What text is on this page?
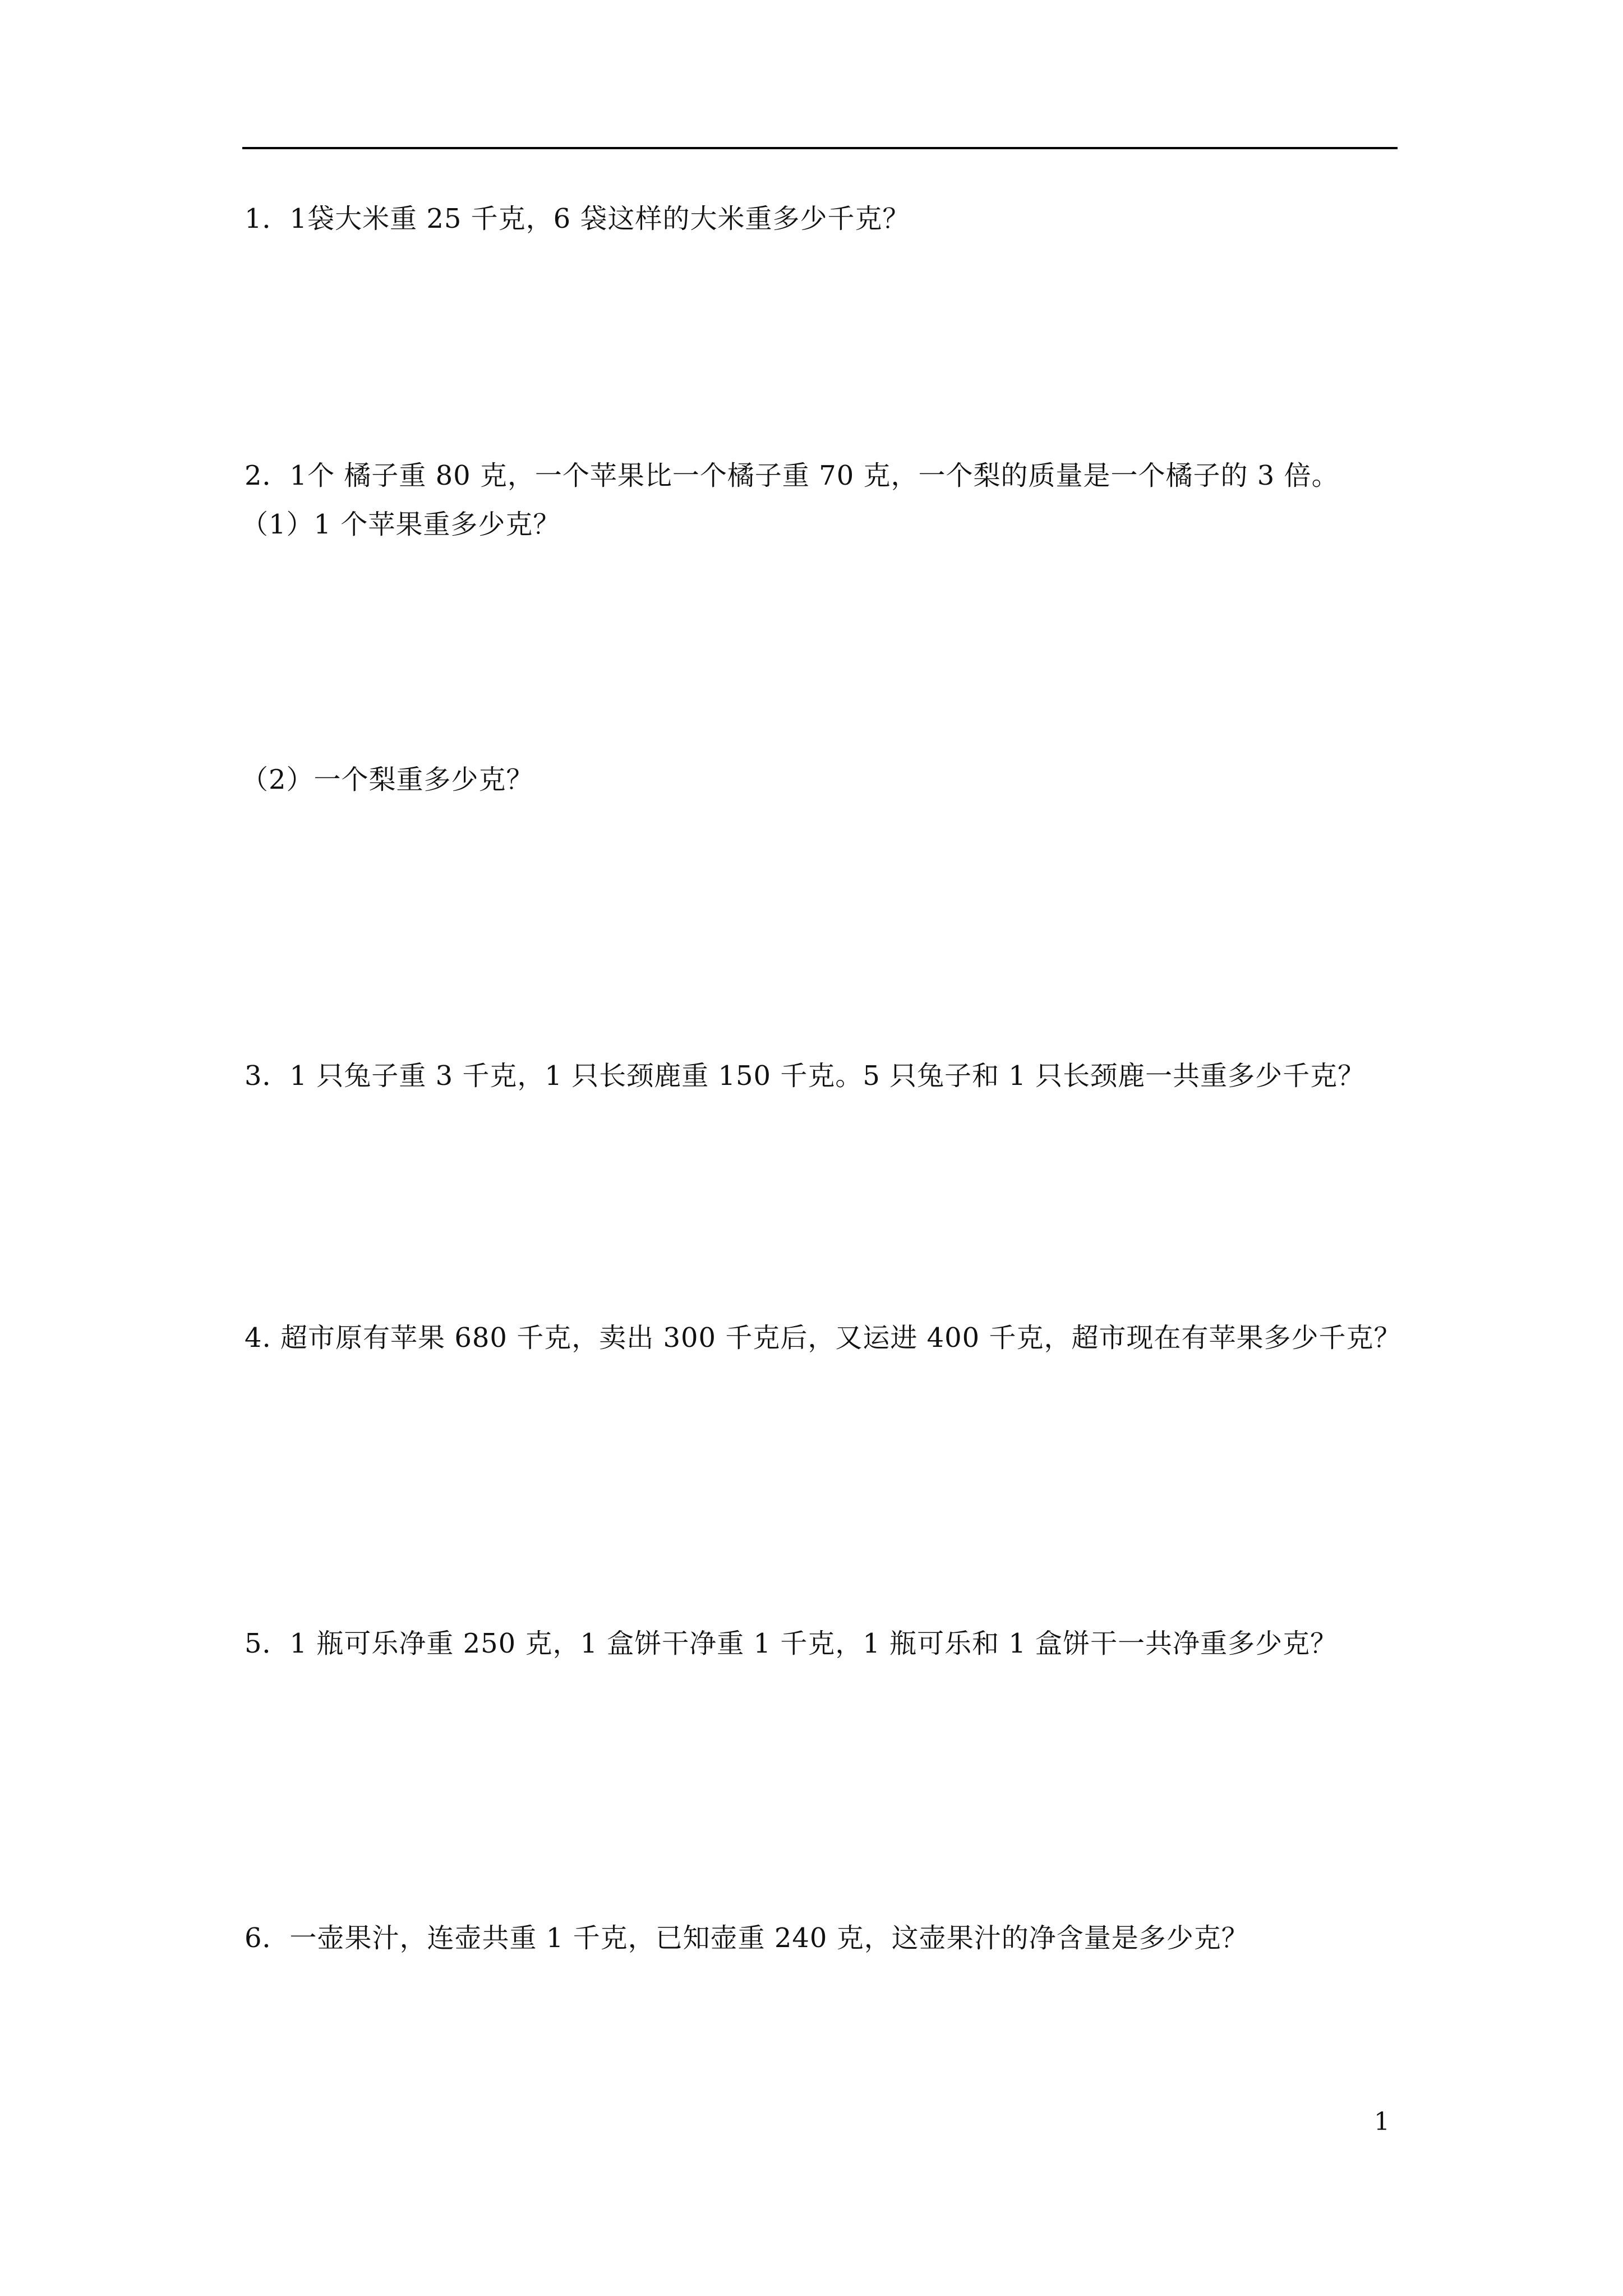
1．1袋大米重 25 千克，6 袋这样的大米重多少千克？
2．1个 橘子重 80 克，一个苹果比一个橘子重 70 克，一个梨的质量是一个橘子的 3 倍。
（1）1 个苹果重多少克？
（2）一个梨重多少克？
3．1 只兔子重 3 千克，1 只长颈鹿重 150 千克。5 只兔子和 1 只长颈鹿一共重多少千克？
4. 超市原有苹果 680 千克，卖出 300 千克后，又运进 400 千克，超市现在有苹果多少千克？
5．1 瓶可乐净重 250 克，1 盒饼干净重 1 千克，1 瓶可乐和 1 盒饼干一共净重多少克？
6．一壶果汁，连壶共重 1 千克，已知壶重 240 克，这壶果汁的净含量是多少克？
1
